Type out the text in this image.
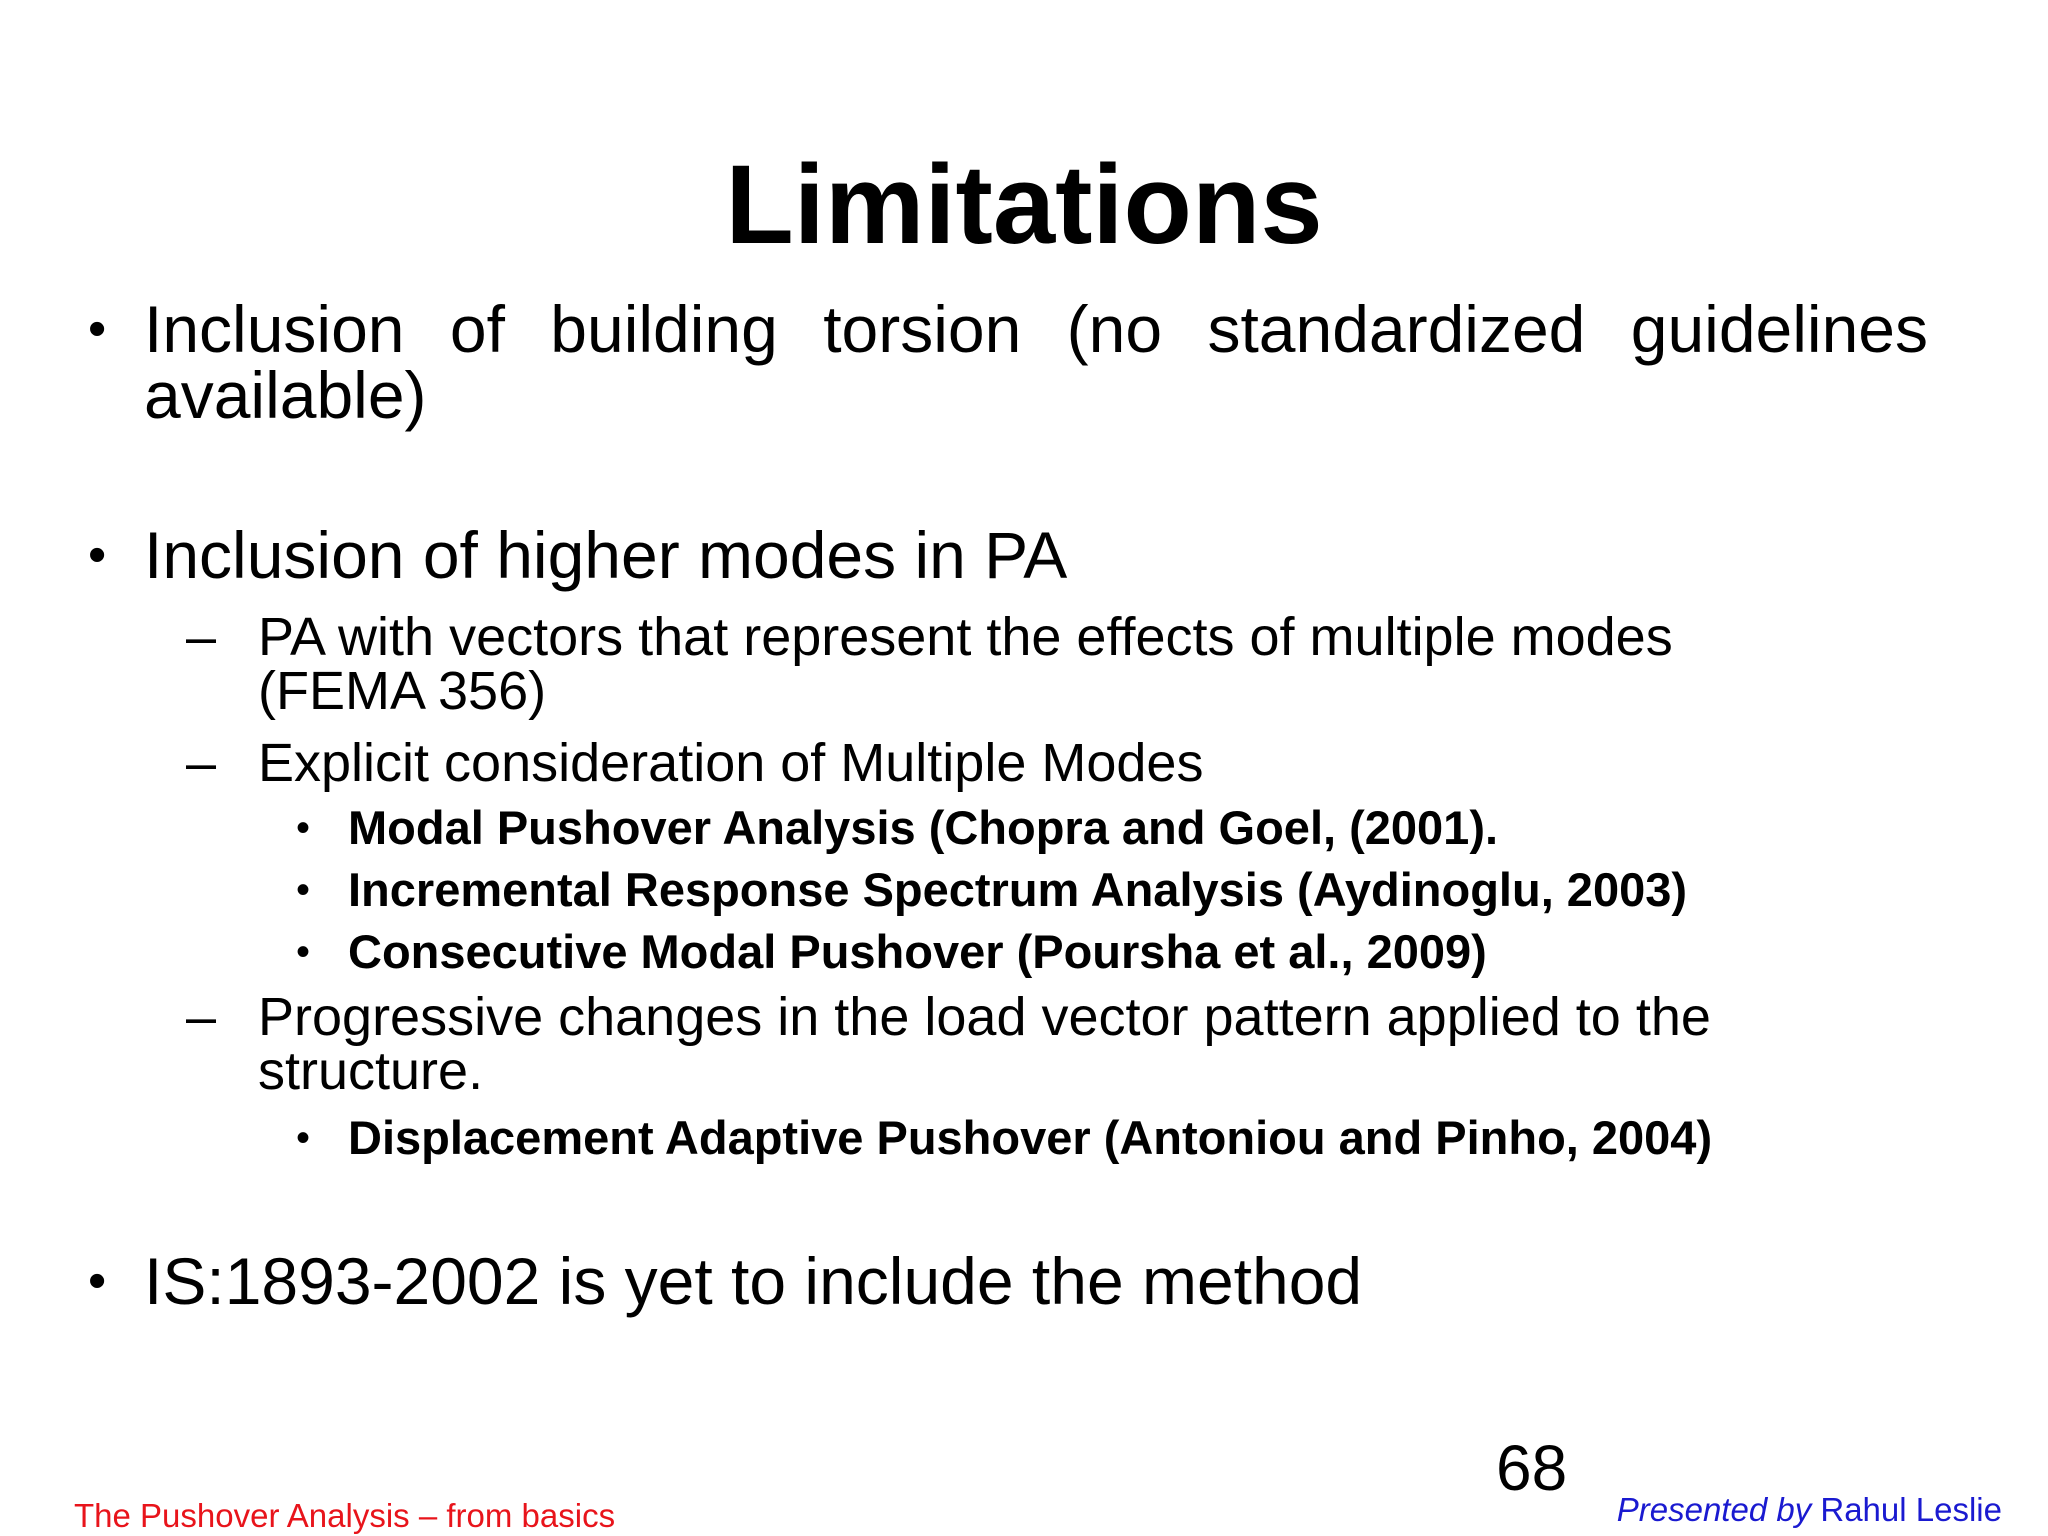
Limitations
• Inclusion of building torsion (no standardized guidelines available)
• Inclusion of higher modes in PA
– PA with vectors that represent the effects of multiple modes (FEMA 356)
– Explicit consideration of Multiple Modes
• Modal Pushover Analysis (Chopra and Goel, (2001).
• Incremental Response Spectrum Analysis (Aydinoglu, 2003)
• Consecutive Modal Pushover (Poursha et al., 2009)
– Progressive changes in the load vector pattern applied to the structure.
• Displacement Adaptive Pushover (Antoniou and Pinho, 2004)
• IS:1893-2002 is yet to include the method
68
The Pushover Analysis – from basics	Presented by Rahul Leslie
